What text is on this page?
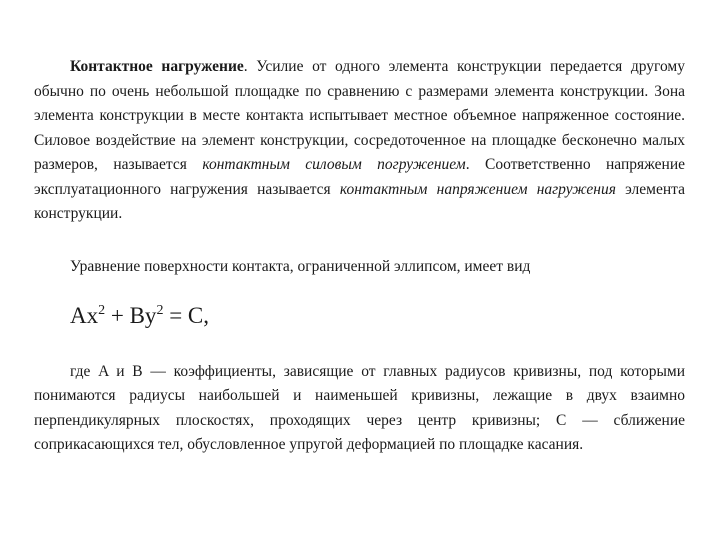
Контактное нагружение. Усилие от одного элемента конструкции передается другому обычно по очень небольшой площадке по сравнению с размерами элемента конструкции. Зона элемента конструкции в месте контакта испытывает местное объемное напряженное состояние. Силовое воздействие на элемент конструкции, сосредоточенное на площадке бесконечно малых размеров, называется контактным силовым погружением. Соответственно напряжение эксплуатационного нагружения называется контактным напряжением нагружения элемента конструкции.

Уравнение поверхности контакта, ограниченной эллипсом, имеет вид

$Ax^2 + By^2 = C$,

где A и B — коэффициенты, зависящие от главных радиусов кривизны, под которыми понимаются радиусы наибольшей и наименьшей кривизны, лежащие в двух взаимно перпендикулярных плоскостях, проходящих через центр кривизны; C — сближение соприкасающихся тел, обусловленное упругой деформацией по площадке касания.
